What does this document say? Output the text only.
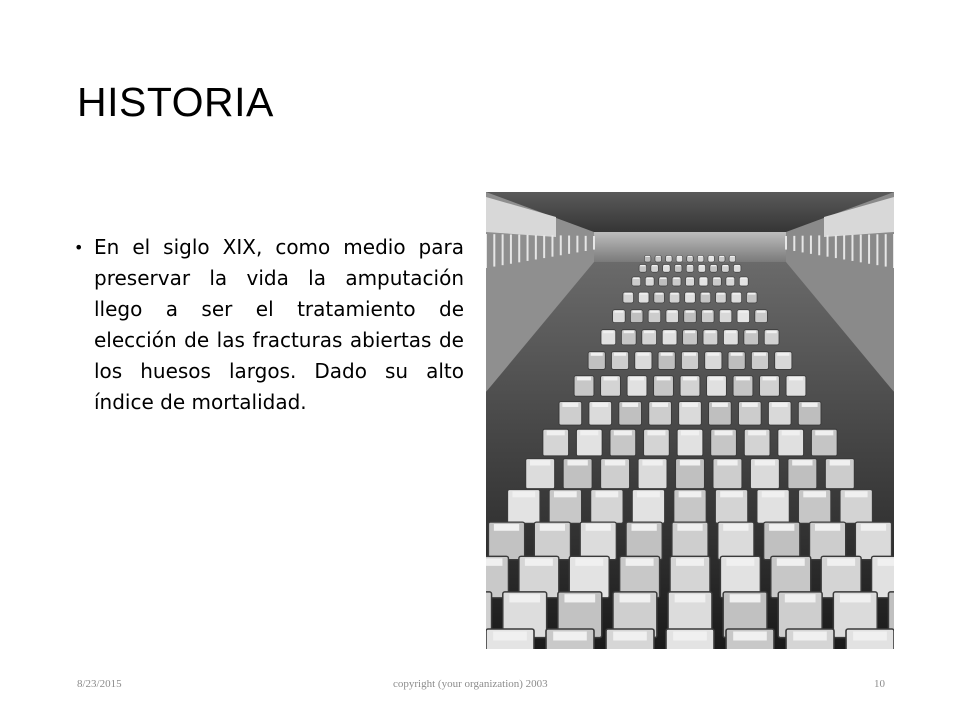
HISTORIA
• En el siglo XIX, como medio para preservar la vida la amputación llego a ser el tratamiento de elección de las fracturas abiertas de los huesos largos. Dado su alto índice de mortalidad.
8/23/2015	copyright (your organization) 2003	10
